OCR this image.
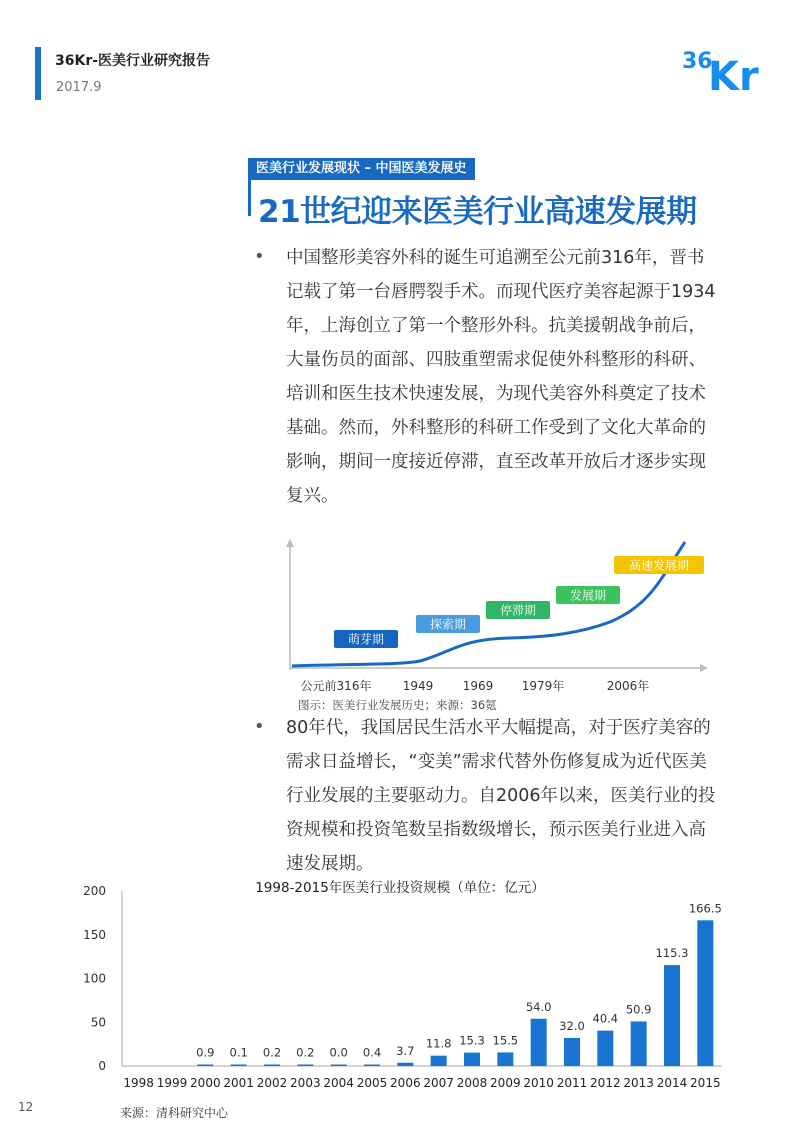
36Kr-医美行业研究报告
2017.9
36
Kr
医美行业发展现状 – 中国医美发展史
21世纪迎来医美行业高速发展期
• 中国整形美容外科的诞生可追溯至公元前316年，晋书记载了第一台唇腭裂手术。而现代医疗美容起源于1934年，上海创立了第一个整形外科。抗美援朝战争前后，大量伤员的面部、四肢重塑需求促使外科整形的科研、培训和医生技术快速发展，为现代美容外科奠定了技术基础。然而，外科整形的科研工作受到了文化大革命的影响，期间一度接近停滞，直至改革开放后才逐步实现复兴。
萌芽期
探索期
停滞期
发展期
高速发展期
公元前316年	1949 1969 1979年	2006年
图示：医美行业发展历史；来源：36氪
• 80年代，我国居民生活水平大幅提高，对于医疗美容的需求日益增长，“变美”需求代替外伤修复成为近代医美行业发展的主要驱动力。自2006年以来，医美行业的投资规模和投资笔数呈指数级增长，预示医美行业进入高速发展期。
1998-2015年医美行业投资规模（单位：亿元）
0
50
100
150
200
1998 1999
0.9
2000
0.1
2001
0.2
2002
0.2
2003
0.0
2004
0.4
2005
3.7
2006
11.8
2007
15.3
2008
15.5
2009
54.0
2010
32.0
2011
40.4
2012
50.9
2013
115.3
2014
166.5
2015
12	来源：清科研究中心
